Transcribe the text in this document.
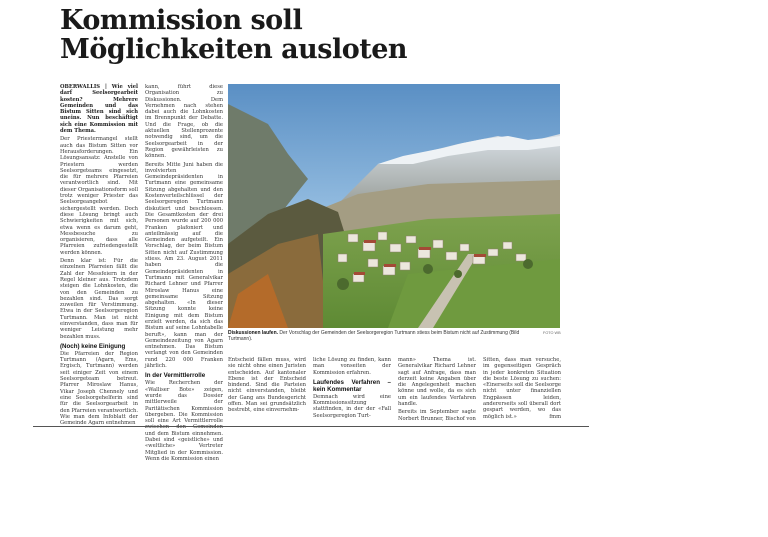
Kommission soll
Möglichkeiten ausloten

OBERWALLIS | Wie viel darf Seelsorgearbeit kosten? Mehrere Gemeinden und das Bistum Sitten sind sich uneins. Nun beschäftigt sich eine Kommission mit dem Thema.

Der Priestermangel stellt auch das Bistum Sitten vor Herausforderungen. Ein Lösungsansatz: Anstelle von Priestern werden Seelsorgeteams eingesetzt, die für mehrere Pfarreien verantwortlich sind. Mit dieser Organisationsform soll trotz weniger Priester das Seelsorgeangebot sichergestellt werden. Doch diese Lösung bringt auch Schwierigkeiten mit sich, etwa wenn es darum geht, Messbesuche zu organisieren, dass alle Pfarreien zufriedengestellt werden können.

Denn klar ist: Für die einzelnen Pfarreien fällt die Zahl der Messfeiern in der Regel kleiner aus. Trotzdem steigen die Lohnkosten, die von den Gemeinden zu bezahlen sind. Das sorgt zuweilen für Verstimmung. Etwa in der Seelsorgeregion Turtmann. Man ist nicht einverstanden, dass man für weniger Leistung mehr bezahlen muss.

(Noch) keine Einigung

Die Pfarreien der Region Turtmann (Agarn, Ems, Ergisch, Turtmann) werden seit einiger Zeit von einem Seelsorgeteam betreut. Pfarrer Miroslaw Hanus, Vikar Joseph Chennely und eine Seelsorgehelferin sind für die Seelsorgearbeit in den Pfarreien verantwortlich. Wie man dem Infoblatt der Gemeinde Agarn entnehmen

kann, führt diese Organisation zu Diskussionen. Dem Vernehmen nach stehen dabei auch die Lohnkosten im Brennpunkt der Debatte. Und die Frage, ob die aktuellen Stellenprozente notwendig sind, um die Seelsorgearbeit in der Region gewährleisten zu können.

Bereits Mitte Juni haben die involvierten Gemeindepräsidenten in Turtmann eine gemeinsame Sitzung abgehalten und den Kostenverteilschlüssel der Seelsorgeregion Turtmann diskutiert und beschlossen. Die Gesamtkosten der drei Personen wurde auf 200 000 Franken plafoniert und anteilmässig auf die Gemeinden aufgeteilt. Ein Vorschlag, der beim Bistum Sitten nicht auf Zustimmung stiess. Am 23. August 2011 haben die Gemeindepräsidenten in Turtmann mit Generalvikar Richard Lehner und Pfarrer Miroslaw Hanus eine gemeinsame Sitzung abgehalten. «In dieser Sitzung konnte keine Einigung mit dem Bistum erzielt werden, da sich das Bistum auf seine Lohntabelle beruft», kann man der Gemeindezeitung von Agarn entnehmen. Das Bistum verlangt von den Gemeinden rund 220 000 Franken jährlich.

In der Vermittlerrolle

Wie Recherchen der «Walliser Bote» zeigen, wurde das Dossier mittlerweile der Paritätischen Kommission übergeben. Die Kommission soll eine Art Vermittlerrolle zwischen den Gemeinden und dem Bistum einnehmen. Dabei sind «geistliche» und «weltliche» Vertreter Mitglied in der Kommission. Wenn die Kommission einen

Diskussionen laufen. Der Vorschlag der Gemeinden der Seelsorgeregion Turtmann stiess beim Bistum nicht auf Zustimmung (Bild Turtmann).
FOTO WB

Entscheid fällen muss, wird sie nicht ohne einen Juristen entscheiden. Auf kantonaler Ebene ist der Entscheid bindend. Sind die Parteien nicht einverstanden, bleibt der Gang ans Bundesgericht offen. Man sei grundsätzlich bestrebt, eine einvernehm-

liche Lösung zu finden, kann man vonseiten der Kommission erfahren.

Laufendes Verfahren – kein Kommentar

Demnach wird eine Kommissionssitzung stattfinden, in der der «Fall Seelsorgeregion Turt-

mann» Thema ist. Generalvikar Richard Lehner sagt auf Anfrage, dass man derzeit keine Angaben über die Angelegenheit machen könne und wolle, da es sich um ein laufendes Verfahren handle.

Bereits im September sagte Norbert Brunner, Bischof von

Sitten, dass man versuche, im gegenseitigen Gespräch in jeder konkreten Situation die beste Lösung zu suchen: «Einerseits soll die Seelsorge nicht unter finanziellen Engpässen leiden, andererseits soll überall dort gespart werden, wo das möglich ist.»	fmm
